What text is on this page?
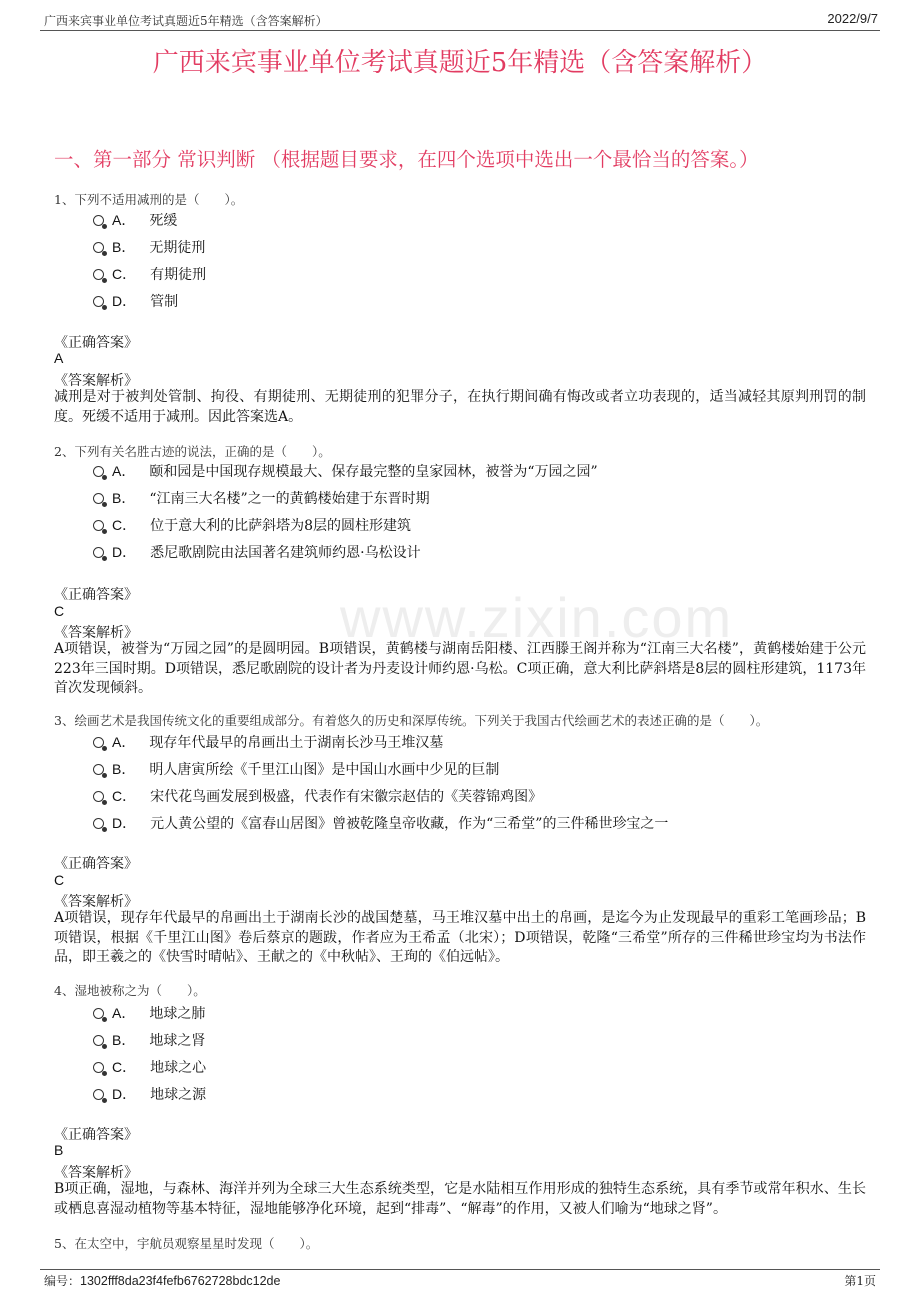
广西来宾事业单位考试真题近5年精选（含答案解析）	2022/9/7
www.zixin.com
广西来宾事业单位考试真题近5年精选（含答案解析）
一、第一部分 常识判断 （根据题目要求，在四个选项中选出一个最恰当的答案。）
1、下列不适用减刑的是（　　）。
A． 死缓
B． 无期徒刑
C． 有期徒刑
D． 管制
《正确答案》
A
《答案解析》
减刑是对于被判处管制、拘役、有期徒刑、无期徒刑的犯罪分子，在执行期间确有悔改或者立功表现的，适当减轻其原判刑罚的制度。死缓不适用于减刑。因此答案选A。
2、下列有关名胜古迹的说法，正确的是（　　）。
A． 颐和园是中国现存规模最大、保存最完整的皇家园林，被誉为“万园之园”
B． “江南三大名楼”之一的黄鹤楼始建于东晋时期
C． 位于意大利的比萨斜塔为8层的圆柱形建筑
D． 悉尼歌剧院由法国著名建筑师约恩·乌松设计
《正确答案》
C
《答案解析》
A项错误，被誉为“万园之园”的是圆明园。B项错误，黄鹤楼与湖南岳阳楼、江西滕王阁并称为“江南三大名楼”，黄鹤楼始建于公元223年三国时期。D项错误，悉尼歌剧院的设计者为丹麦设计师约恩·乌松。C项正确，意大利比萨斜塔是8层的圆柱形建筑，1173年首次发现倾斜。
3、绘画艺术是我国传统文化的重要组成部分。有着悠久的历史和深厚传统。下列关于我国古代绘画艺术的表述正确的是（　　）。
A． 现存年代最早的帛画出土于湖南长沙马王堆汉墓
B． 明人唐寅所绘《千里江山图》是中国山水画中少见的巨制
C． 宋代花鸟画发展到极盛，代表作有宋徽宗赵佶的《芙蓉锦鸡图》
D． 元人黄公望的《富春山居图》曾被乾隆皇帝收藏，作为“三希堂”的三件稀世珍宝之一
《正确答案》
C
《答案解析》
A项错误，现存年代最早的帛画出土于湖南长沙的战国楚墓，马王堆汉墓中出土的帛画，是迄今为止发现最早的重彩工笔画珍品；B项错误，根据《千里江山图》卷后蔡京的题跋，作者应为王希孟（北宋）；D项错误，乾隆“三希堂”所存的三件稀世珍宝均为书法作品，即王羲之的《快雪时晴帖》、王献之的《中秋帖》、王珣的《伯远帖》。
4、湿地被称之为（　　）。
A． 地球之肺
B． 地球之肾
C． 地球之心
D． 地球之源
《正确答案》
B
《答案解析》
B项正确，湿地，与森林、海洋并列为全球三大生态系统类型，它是水陆相互作用形成的独特生态系统，具有季节或常年积水、生长或栖息喜湿动植物等基本特征，湿地能够净化环境，起到“排毒”、“解毒”的作用，又被人们喻为“地球之肾”。
5、在太空中，宇航员观察星星时发现（　　）。
编号：1302fff8da23f4fefb6762728bdc12de	第1页
